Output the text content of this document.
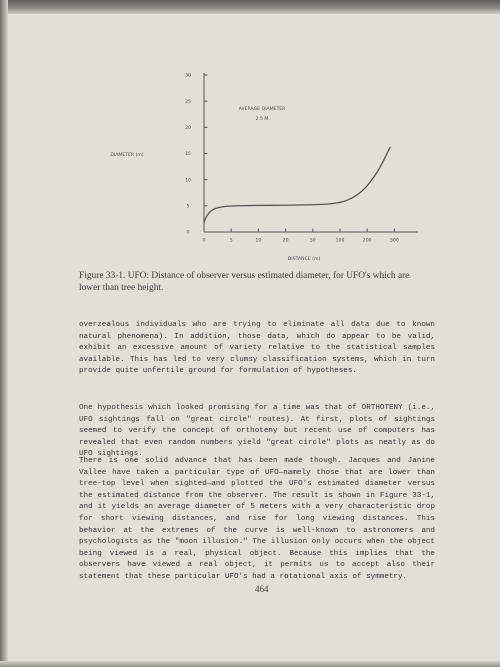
0
5
10
15
20
25
30
0	5	10	20	50	100	200	500
DIAMETER (m)
DISTANCE (m)
AVERAGE DIAMETER
2.5 M

Figure 33-1. UFO: Distance of observer versus estimated diameter, for UFO's which are lower than tree height.

overzealous individuals who are trying to eliminate all data due to known natural phenomena). In addition, those data, which do appear to be valid, exhibit an excessive amount of variety relative to the statistical samples available. This has led to very clumsy classification systems, which in turn provide quite unfertile ground for formulation of hypotheses.

One hypothesis which looked promising for a time was that of ORTHOTENY (i.e., UFO sightings fall on "great circle" routes). At first, plots of sightings seemed to verify the concept of orthoteny but recent use of computers has revealed that even random numbers yield "great circle" plots as neatly as do UFO sightings.

There is one solid advance that has been made though. Jacques and Janine Vallee have taken a particular type of UFO—namely those that are lower than tree-top level when sighted—and plotted the UFO's estimated diameter versus the estimated distance from the observer. The result is shown in Figure 33-1, and it yields an average diameter of 5 meters with a very characteristic drop for short viewing distances, and rise for long viewing distances. This behavior at the extremes of the curve is well-known to astronomers and psychologists as the "moon illusion." The illusion only occurs when the object being viewed is a real, physical object. Because this implies that the observers have viewed a real object, it permits us to accept also their statement that these particular UFO's had a rotational axis of symmetry.

464
